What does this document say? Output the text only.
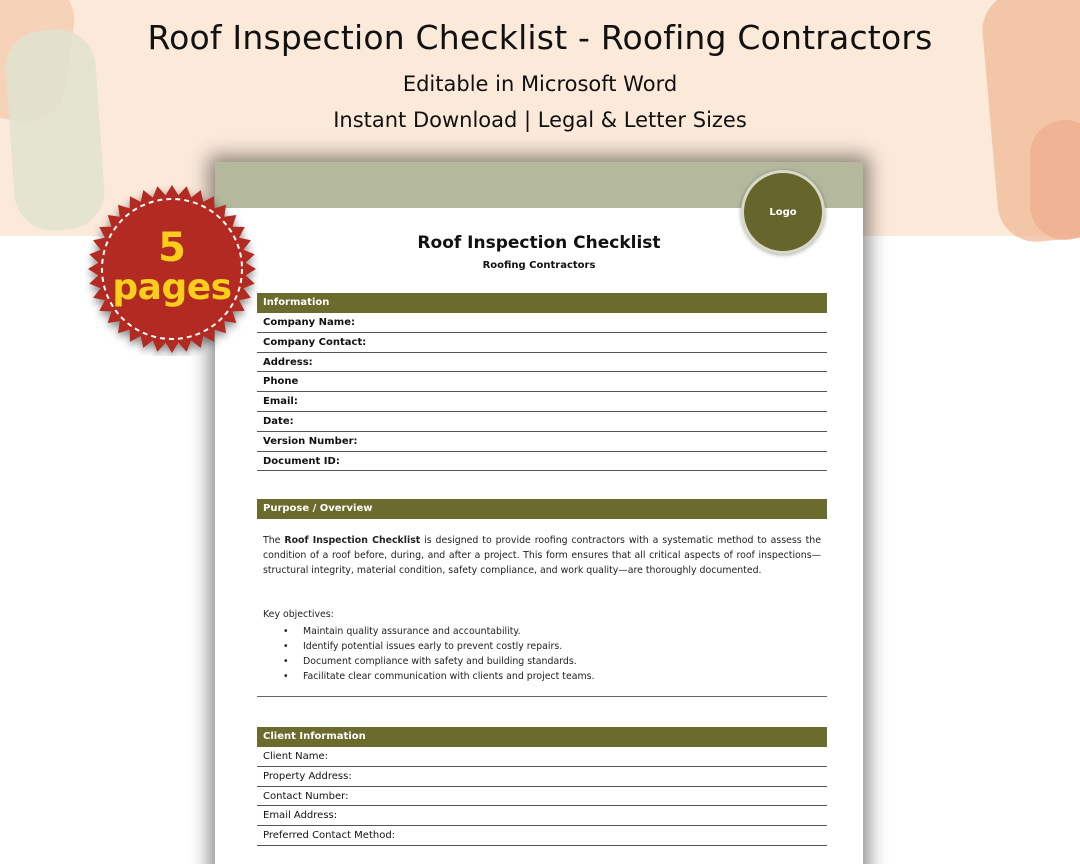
Roof Inspection Checklist - Roofing Contractors
Editable in Microsoft Word
Instant Download | Legal & Letter Sizes
Logo
Roof Inspection Checklist
Roofing Contractors
Information
Company Name:
Company Contact:
Address:
Phone
Email:
Date:
Version Number:
Document ID:
Purpose / Overview

The Roof Inspection Checklist is designed to provide roofing contractors with a systematic method to assess the condition of a roof before, during, and after a project. This form ensures that all critical aspects of roof inspections—structural integrity, material condition, safety compliance, and work quality—are thoroughly documented.

Key objectives:
• Maintain quality assurance and accountability.
• Identify potential issues early to prevent costly repairs.
• Document compliance with safety and building standards.
• Facilitate clear communication with clients and project teams.
Client Information
Client Name:
Property Address:
Contact Number:
Email Address:
Preferred Contact Method:
5
pages
